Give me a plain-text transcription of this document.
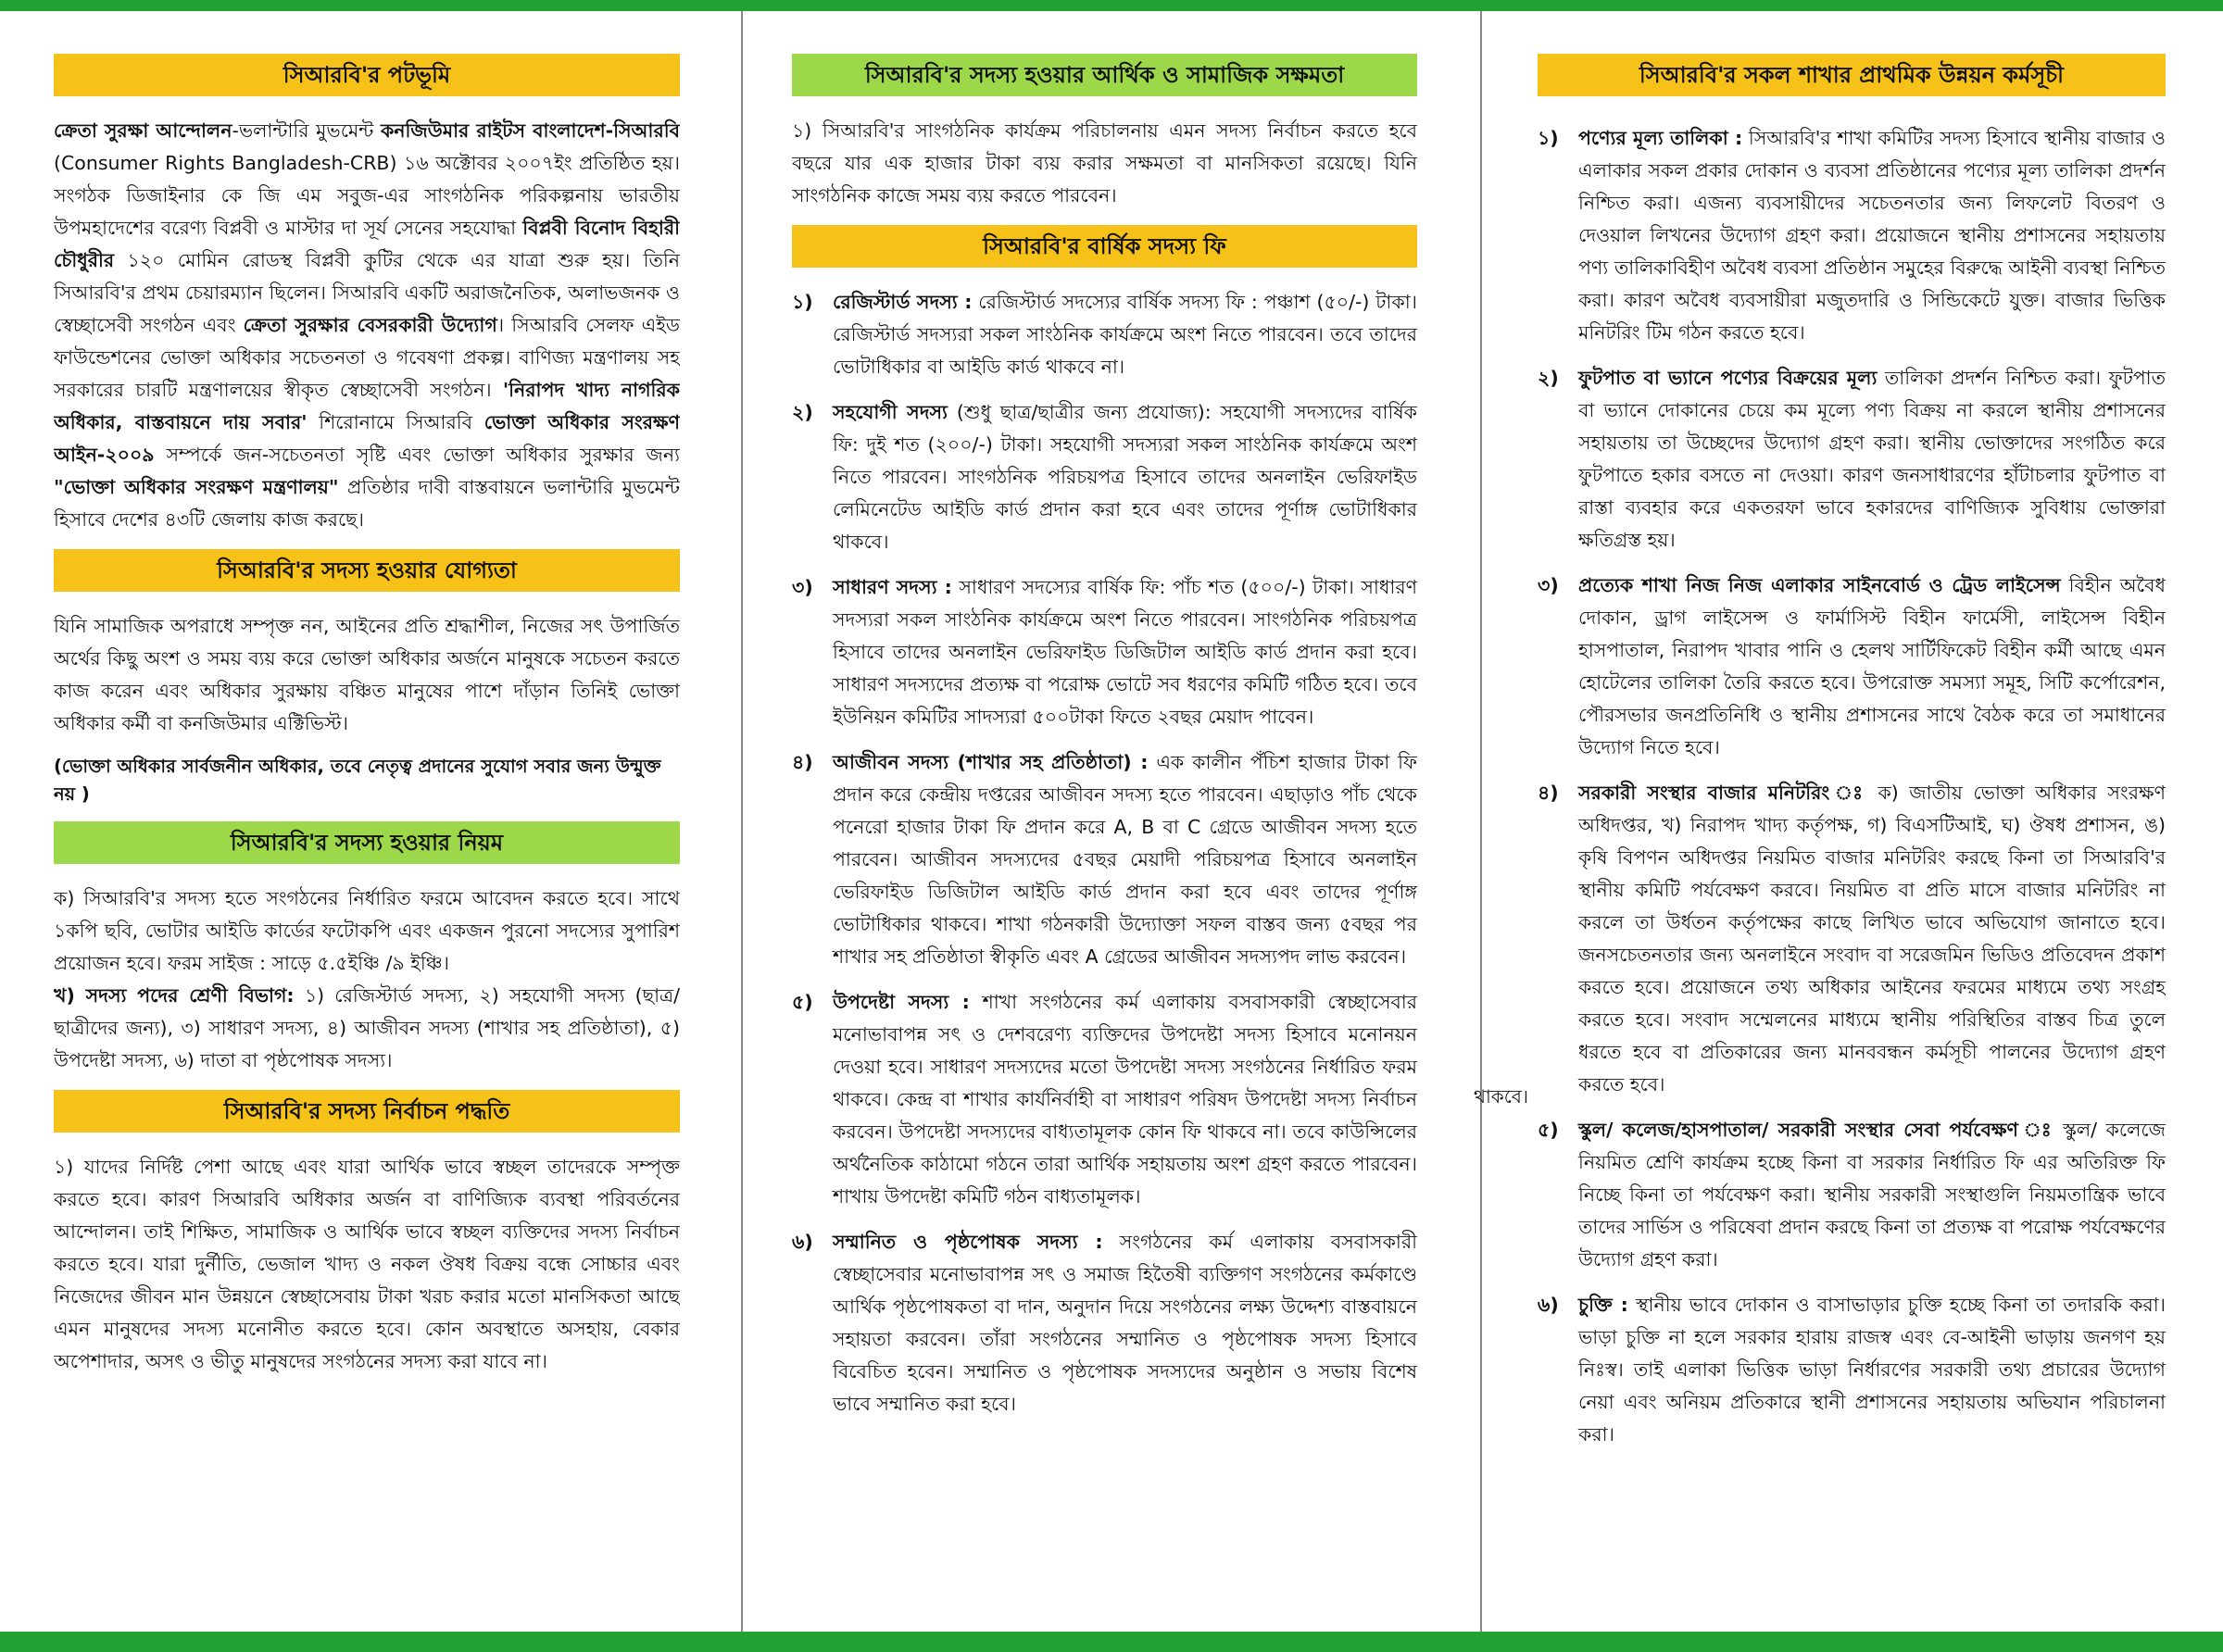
সিআরবি'র পটভূমি
ক্রেতা সুরক্ষা আন্দোলন-ভলান্টারি মুভমেন্ট কনজিউমার রাইটস বাংলাদেশ-সিআরবি (Consumer Rights Bangladesh-CRB) ১৬ অক্টোবর ২০০৭ইং প্রতিষ্ঠিত হয়। সংগঠক ডিজাইনার কে জি এম সবুজ-এর সাংগঠনিক পরিকল্পনায় ভারতীয় উপমহাদেশের বরেণ্য বিপ্লবী ও মাস্টার দা সূর্য সেনের সহযোদ্ধা বিপ্লবী বিনোদ বিহারী চৌধুরীর ১২০ মোমিন রোডস্থ বিপ্লবী কুটির থেকে এর যাত্রা শুরু হয়। তিনি সিআরবি'র প্রথম চেয়ারম্যান ছিলেন। সিআরবি একটি অরাজনৈতিক, অলাভজনক ও স্বেচ্ছাসেবী সংগঠন এবং ক্রেতা সুরক্ষার বেসরকারী উদ্যোগ। সিআরবি সেলফ এইড ফাউন্ডেশনের ভোক্তা অধিকার সচেতনতা ও গবেষণা প্রকল্প। বাণিজ্য মন্ত্রণালয় সহ সরকারের চারটি মন্ত্রণালয়ের স্বীকৃত স্বেচ্ছাসেবী সংগঠন। 'নিরাপদ খাদ্য নাগরিক অধিকার, বাস্তবায়নে দায় সবার' শিরোনামে সিআরবি ভোক্তা অধিকার সংরক্ষণ আইন-২০০৯ সম্পর্কে জন-সচেতনতা সৃষ্টি এবং ভোক্তা অধিকার সুরক্ষার জন্য "ভোক্তা অধিকার সংরক্ষণ মন্ত্রণালয়" প্রতিষ্ঠার দাবী বাস্তবায়নে ভলান্টারি মুভমেন্ট হিসাবে দেশের ৪৩টি জেলায় কাজ করছে।
সিআরবি'র সদস্য হওয়ার যোগ্যতা
যিনি সামাজিক অপরাধে সম্পৃক্ত নন, আইনের প্রতি শ্রদ্ধাশীল, নিজের সৎ উপার্জিত অর্থের কিছু অংশ ও সময় ব্যয় করে ভোক্তা অধিকার অর্জনে মানুষকে সচেতন করতে কাজ করেন এবং অধিকার সুরক্ষায় বঞ্চিত মানুষের পাশে দাঁড়ান তিনিই ভোক্তা অধিকার কর্মী বা কনজিউমার এক্টিভিস্ট।
(ভোক্তা অধিকার সার্বজনীন অধিকার, তবে নেতৃত্ব প্রদানের সুযোগ সবার জন্য উন্মুক্ত নয় )
সিআরবি'র সদস্য হওয়ার নিয়ম
ক) সিআরবি'র সদস্য হতে সংগঠনের নির্ধারিত ফরমে আবেদন করতে হবে। সাথে ১কপি ছবি, ভোটার আইডি কার্ডের ফটোকপি এবং একজন পুরনো সদস্যের সুপারিশ প্রয়োজন হবে। ফরম সাইজ : সাড়ে ৫.৫ইঞ্চি /৯ ইঞ্চি।
খ) সদস্য পদের শ্রেণী বিভাগ: ১) রেজিস্টার্ড সদস্য, ২) সহযোগী সদস্য (ছাত্র/ছাত্রীদের জন্য), ৩) সাধারণ সদস্য, ৪) আজীবন সদস্য (শাখার সহ প্রতিষ্ঠাতা), ৫) উপদেষ্টা সদস্য, ৬) দাতা বা পৃষ্ঠপোষক সদস্য।
সিআরবি'র সদস্য নির্বাচন পদ্ধতি
১) যাদের নির্দিষ্ট পেশা আছে এবং যারা আর্থিক ভাবে স্বচ্ছল তাদেরকে সম্পৃক্ত করতে হবে। কারণ সিআরবি অধিকার অর্জন বা বাণিজ্যিক ব্যবস্থা পরিবর্তনের আন্দোলন। তাই শিক্ষিত, সামাজিক ও আর্থিক ভাবে স্বচ্ছল ব্যক্তিদের সদস্য নির্বাচন করতে হবে। যারা দুর্নীতি, ভেজাল খাদ্য ও নকল ঔষধ বিক্রয় বন্ধে সোচ্চার এবং নিজেদের জীবন মান উন্নয়নে স্বেচ্ছাসেবায় টাকা খরচ করার মতো মানসিকতা আছে এমন মানুষদের সদস্য মনোনীত করতে হবে। কোন অবস্থাতে অসহায়, বেকার অপেশাদার, অসৎ ও ভীতু মানুষদের সংগঠনের সদস্য করা যাবে না।
সিআরবি'র সদস্য হওয়ার আর্থিক ও সামাজিক সক্ষমতা
১) সিআরবি'র সাংগঠনিক কার্যক্রম পরিচালনায় এমন সদস্য নির্বাচন করতে হবে বছরে যার এক হাজার টাকা ব্যয় করার সক্ষমতা বা মানসিকতা রয়েছে। যিনি সাংগঠনিক কাজে সময় ব্যয় করতে পারবেন।
সিআরবি'র বার্ষিক সদস্য ফি
১) রেজিস্টার্ড সদস্য : রেজিস্টার্ড সদস্যের বার্ষিক সদস্য ফি : পঞ্চাশ (৫০/-) টাকা। রেজিস্টার্ড সদস্যরা সকল সাংঠনিক কার্যক্রমে অংশ নিতে পারবেন। তবে তাদের ভোটাধিকার বা আইডি কার্ড থাকবে না।
২) সহযোগী সদস্য (শুধু ছাত্র/ছাত্রীর জন্য প্রযোজ্য): সহযোগী সদস্যদের বার্ষিক ফি: দুই শত (২০০/-) টাকা। সহযোগী সদস্যরা সকল সাংঠনিক কার্যক্রমে অংশ নিতে পারবেন। সাংগঠনিক পরিচয়পত্র হিসাবে তাদের অনলাইন ভেরিফাইড লেমিনেটেড আইডি কার্ড প্রদান করা হবে এবং তাদের পূর্ণাঙ্গ ভোটাধিকার থাকবে।
৩) সাধারণ সদস্য : সাধারণ সদস্যের বার্ষিক ফি: পাঁচ শত (৫০০/-) টাকা। সাধারণ সদস্যরা সকল সাংঠনিক কার্যক্রমে অংশ নিতে পারবেন। সাংগঠনিক পরিচয়পত্র হিসাবে তাদের অনলাইন ভেরিফাইড ডিজিটাল আইডি কার্ড প্রদান করা হবে। সাধারণ সদস্যদের প্রত্যক্ষ বা পরোক্ষ ভোটে সব ধরণের কমিটি গঠিত হবে। তবে ইউনিয়ন কমিটির সাদস্যরা ৫০০টাকা ফিতে ২বছর মেয়াদ পাবেন।
৪) আজীবন সদস্য (শাখার সহ প্রতিষ্ঠাতা) : এক কালীন পঁচিশ হাজার টাকা ফি প্রদান করে কেন্দ্রীয় দপ্তরের আজীবন সদস্য হতে পারবেন। এছাড়াও পাঁচ থেকে পনেরো হাজার টাকা ফি প্রদান করে A, B বা C গ্রেডে আজীবন সদস্য হতে পারবেন। আজীবন সদস্যদের ৫বছর মেয়াদী পরিচয়পত্র হিসাবে অনলাইন ভেরিফাইড ডিজিটাল আইডি কার্ড প্রদান করা হবে এবং তাদের পূর্ণাঙ্গ ভোটাধিকার থাকবে। শাখা গঠনকারী উদ্যোক্তা সফল বাস্তব জন্য ৫বছর পর শাখার সহ প্রতিষ্ঠাতা স্বীকৃতি এবং A গ্রেডের আজীবন সদস্যপদ লাভ করবেন।
৫) উপদেষ্টা সদস্য : শাখা সংগঠনের কর্ম এলাকায় বসবাসকারী স্বেচ্ছাসেবার মনোভাবাপন্ন সৎ ও দেশবরেণ্য ব্যক্তিদের উপদেষ্টা সদস্য হিসাবে মনোনয়ন দেওয়া হবে। সাধারণ সদস্যদের মতো উপদেষ্টা সদস্য সংগঠনের নির্ধারিত ফরম থাকবে। কেন্দ্র বা শাখার কার্যনির্বাহী বা সাধারণ পরিষদ উপদেষ্টা সদস্য নির্বাচন করবেন। উপদেষ্টা সদস্যদের বাধ্যতামূলক কোন ফি থাকবে না। তবে কাউন্সিলের অর্থনৈতিক কাঠামো গঠনে তারা আর্থিক সহায়তায় অংশ গ্রহণ করতে পারবেন। শাখায় উপদেষ্টা কমিটি গঠন বাধ্যতামূলক।
৬) সম্মানিত ও পৃষ্ঠপোষক সদস্য : সংগঠনের কর্ম এলাকায় বসবাসকারী স্বেচ্ছাসেবার মনোভাবাপন্ন সৎ ও সমাজ হিতৈষী ব্যক্তিগণ সংগঠনের কর্মকাণ্ডে আর্থিক পৃষ্ঠপোষকতা বা দান, অনুদান দিয়ে সংগঠনের লক্ষ্য উদ্দেশ্য বাস্তবায়নে সহায়তা করবেন। তাঁরা সংগঠনের সম্মানিত ও পৃষ্ঠপোষক সদস্য হিসাবে বিবেচিত হবেন। সম্মানিত ও পৃষ্ঠপোষক সদস্যদের অনুষ্ঠান ও সভায় বিশেষ ভাবে সম্মানিত করা হবে।
থাকবে।
সিআরবি'র সকল শাখার প্রাথমিক উন্নয়ন কর্মসূচী
১) পণ্যের মূল্য তালিকা : সিআরবি'র শাখা কমিটির সদস্য হিসাবে স্থানীয় বাজার ও এলাকার সকল প্রকার দোকান ও ব্যবসা প্রতিষ্ঠানের পণ্যের মূল্য তালিকা প্রদর্শন নিশ্চিত করা। এজন্য ব্যবসায়ীদের সচেতনতার জন্য লিফলেট বিতরণ ও দেওয়াল লিখনের উদ্যোগ গ্রহণ করা। প্রয়োজনে স্থানীয় প্রশাসনের সহায়তায় পণ্য তালিকাবিহীণ অবৈধ ব্যবসা প্রতিষ্ঠান সমুহের বিরুদ্ধে আইনী ব্যবস্থা নিশ্চিত করা। কারণ অবৈধ ব্যবসায়ীরা মজুতদারি ও সিন্ডিকেটে যুক্ত। বাজার ভিত্তিক মনিটরিং টিম গঠন করতে হবে।
২) ফুটপাত বা ভ্যানে পণ্যের বিক্রয়ের মূল্য তালিকা প্রদর্শন নিশ্চিত করা। ফুটপাত বা ভ্যানে দোকানের চেয়ে কম মূল্যে পণ্য বিক্রয় না করলে স্থানীয় প্রশাসনের সহায়তায় তা উচ্ছেদের উদ্যোগ গ্রহণ করা। স্থানীয় ভোক্তাদের সংগঠিত করে ফুটপাতে হকার বসতে না দেওয়া। কারণ জনসাধারণের হাঁটাচলার ফুটপাত বা রাস্তা ব্যবহার করে একতরফা ভাবে হকারদের বাণিজ্যিক সুবিধায় ভোক্তারা ক্ষতিগ্রস্ত হয়।
৩) প্রত্যেক শাখা নিজ নিজ এলাকার সাইনবোর্ড ও ট্রেড লাইসেন্স বিহীন অবৈধ দোকান, ড্রাগ লাইসেন্স ও ফার্মাসিস্ট বিহীন ফার্মেসী, লাইসেন্স বিহীন হাসপাতাল, নিরাপদ খাবার পানি ও হেলথ সার্টিফিকেট বিহীন কর্মী আছে এমন হোটেলের তালিকা তৈরি করতে হবে। উপরোক্ত সমস্যা সমূহ, সিটি কর্পোরেশন, পৌরসভার জনপ্রতিনিধি ও স্থানীয় প্রশাসনের সাথে বৈঠক করে তা সমাধানের উদ্যোগ নিতে হবে।
৪) সরকারী সংস্থার বাজার মনিটরিং ঃ ক) জাতীয় ভোক্তা অধিকার সংরক্ষণ অধিদপ্তর, খ) নিরাপদ খাদ্য কর্তৃপক্ষ, গ) বিএসটিআই, ঘ) ঔষধ প্রশাসন, ঙ) কৃষি বিপণন অধিদপ্তর নিয়মিত বাজার মনিটরিং করছে কিনা তা সিআরবি'র স্থানীয় কমিটি পর্যবেক্ষণ করবে। নিয়মিত বা প্রতি মাসে বাজার মনিটরিং না করলে তা উর্ধতন কর্তৃপক্ষের কাছে লিখিত ভাবে অভিযোগ জানাতে হবে। জনসচেতনতার জন্য অনলাইনে সংবাদ বা সরেজমিন ভিডিও প্রতিবেদন প্রকাশ করতে হবে। প্রয়োজনে তথ্য অধিকার আইনের ফরমের মাধ্যমে তথ্য সংগ্রহ করতে হবে। সংবাদ সম্মেলনের মাধ্যমে স্থানীয় পরিস্থিতির বাস্তব চিত্র তুলে ধরতে হবে বা প্রতিকারের জন্য মানববন্ধন কর্মসূচী পালনের উদ্যোগ গ্রহণ করতে হবে।
৫) স্কুল/ কলেজ/হাসপাতাল/ সরকারী সংস্থার সেবা পর্যবেক্ষণ ঃ স্কুল/ কলেজে নিয়মিত শ্রেণি কার্যক্রম হচ্ছে কিনা বা সরকার নির্ধারিত ফি এর অতিরিক্ত ফি নিচ্ছে কিনা তা পর্যবেক্ষণ করা। স্থানীয় সরকারী সংস্থাগুলি নিয়মতান্ত্রিক ভাবে তাদের সার্ভিস ও পরিষেবা প্রদান করছে কিনা তা প্রত্যক্ষ বা পরোক্ষ পর্যবেক্ষণের উদ্যোগ গ্রহণ করা।
৬) চুক্তি : স্থানীয় ভাবে দোকান ও বাসাভাড়ার চুক্তি হচ্ছে কিনা তা তদারকি করা। ভাড়া চুক্তি না হলে সরকার হারায় রাজস্ব এবং বে-আইনী ভাড়ায় জনগণ হয় নিঃস্ব। তাই এলাকা ভিত্তিক ভাড়া নির্ধারণের সরকারী তথ্য প্রচারের উদ্যোগ নেয়া এবং অনিয়ম প্রতিকারে স্থানী প্রশাসনের সহায়তায় অভিযান পরিচালনা করা।
